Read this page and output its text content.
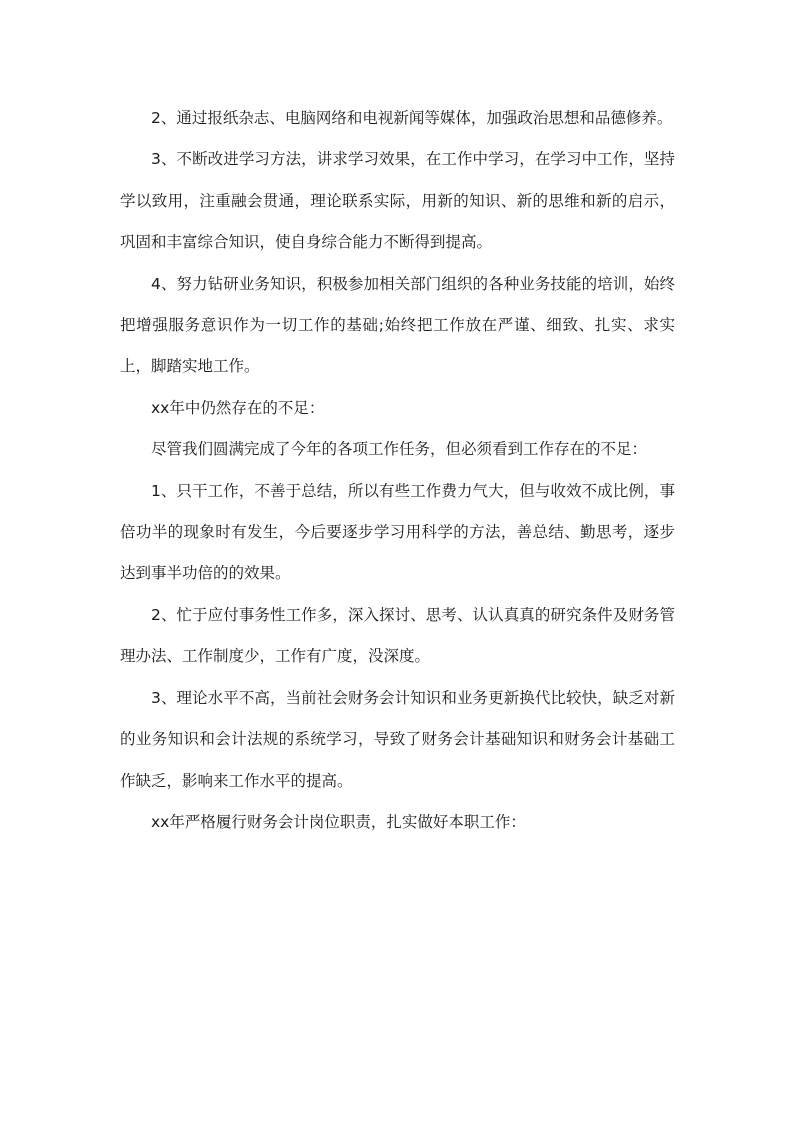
2、通过报纸杂志、电脑网络和电视新闻等媒体，加强政治思想和品德修养。

3、不断改进学习方法，讲求学习效果，在工作中学习，在学习中工作，坚持学以致用，注重融会贯通，理论联系实际，用新的知识、新的思维和新的启示，巩固和丰富综合知识，使自身综合能力不断得到提高。

4、努力钻研业务知识，积极参加相关部门组织的各种业务技能的培训，始终把增强服务意识作为一切工作的基础;始终把工作放在严谨、细致、扎实、求实上，脚踏实地工作。

xx年中仍然存在的不足：

尽管我们圆满完成了今年的各项工作任务，但必须看到工作存在的不足：

1、只干工作，不善于总结，所以有些工作费力气大，但与收效不成比例，事倍功半的现象时有发生，今后要逐步学习用科学的方法，善总结、勤思考，逐步达到事半功倍的的效果。

2、忙于应付事务性工作多，深入探讨、思考、认认真真的研究条件及财务管理办法、工作制度少，工作有广度，没深度。

3、理论水平不高，当前社会财务会计知识和业务更新换代比较快，缺乏对新的业务知识和会计法规的系统学习，导致了财务会计基础知识和财务会计基础工作缺乏，影响来工作水平的提高。

xx年严格履行财务会计岗位职责，扎实做好本职工作：
